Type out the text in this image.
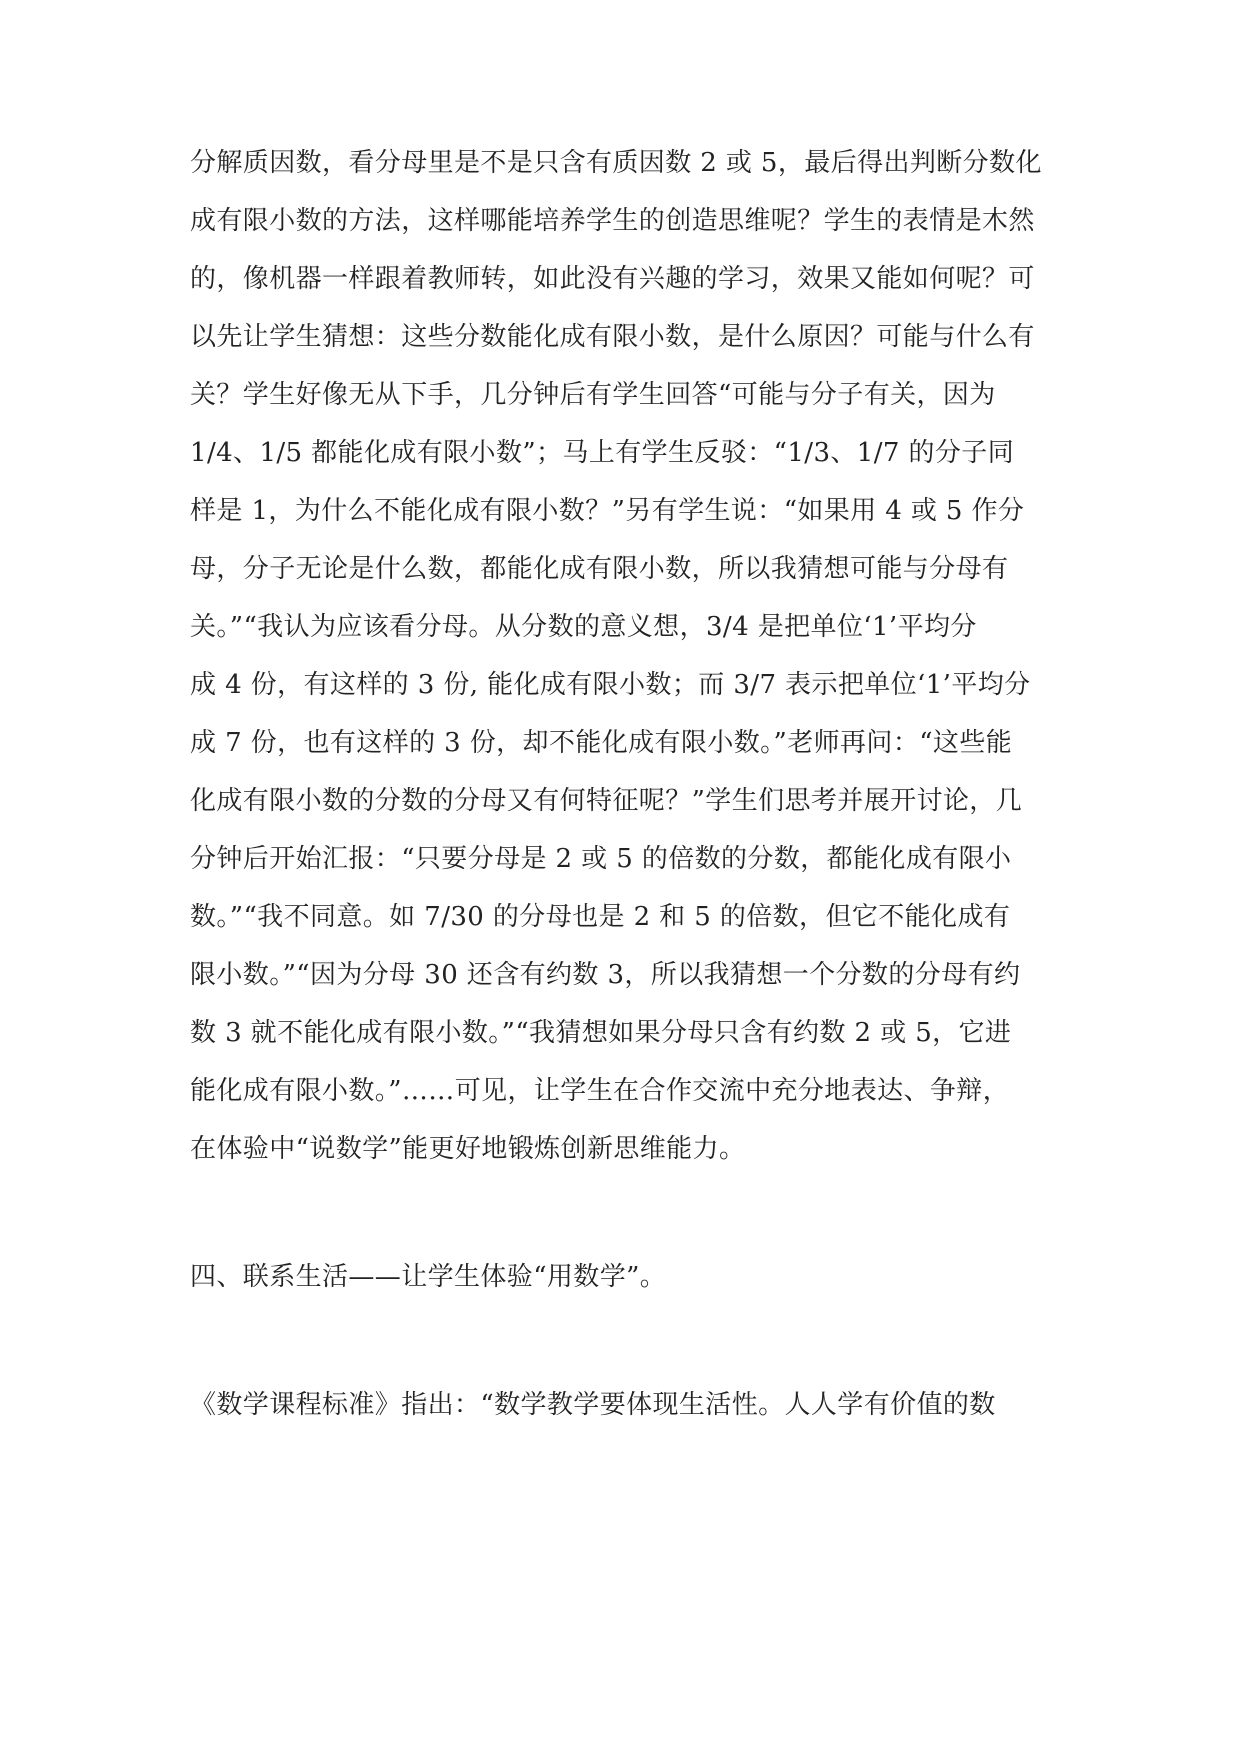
分解质因数，看分母里是不是只含有质因数 2 或 5，最后得出判断分数化
成有限小数的方法，这样哪能培养学生的创造思维呢？学生的表情是木然
的，像机器一样跟着教师转，如此没有兴趣的学习，效果又能如何呢？可
以先让学生猜想：这些分数能化成有限小数，是什么原因？可能与什么有
关？学生好像无从下手，几分钟后有学生回答“可能与分子有关，因为
1/4、1/5 都能化成有限小数”；马上有学生反驳：“1/3、1/7 的分子同
样是 1，为什么不能化成有限小数？”另有学生说：“如果用 4 或 5 作分
母，分子无论是什么数，都能化成有限小数，所以我猜想可能与分母有
关。”“我认为应该看分母。从分数的意义想，3/4 是把单位‘1’平均分
成 4 份，有这样的 3 份, 能化成有限小数；而 3/7 表示把单位‘1’平均分
成 7 份，也有这样的 3 份，却不能化成有限小数。”老师再问：“这些能
化成有限小数的分数的分母又有何特征呢？”学生们思考并展开讨论，几
分钟后开始汇报：“只要分母是 2 或 5 的倍数的分数，都能化成有限小
数。”“我不同意。如 7/30 的分母也是 2 和 5 的倍数，但它不能化成有
限小数。”“因为分母 30 还含有约数 3，所以我猜想一个分数的分母有约
数 3 就不能化成有限小数。”“我猜想如果分母只含有约数 2 或 5，它进
能化成有限小数。”……可见，让学生在合作交流中充分地表达、争辩，
在体验中“说数学”能更好地锻炼创新思维能力。
四、联系生活——让学生体验“用数学”。
《数学课程标准》指出：“数学教学要体现生活性。人人学有价值的数
